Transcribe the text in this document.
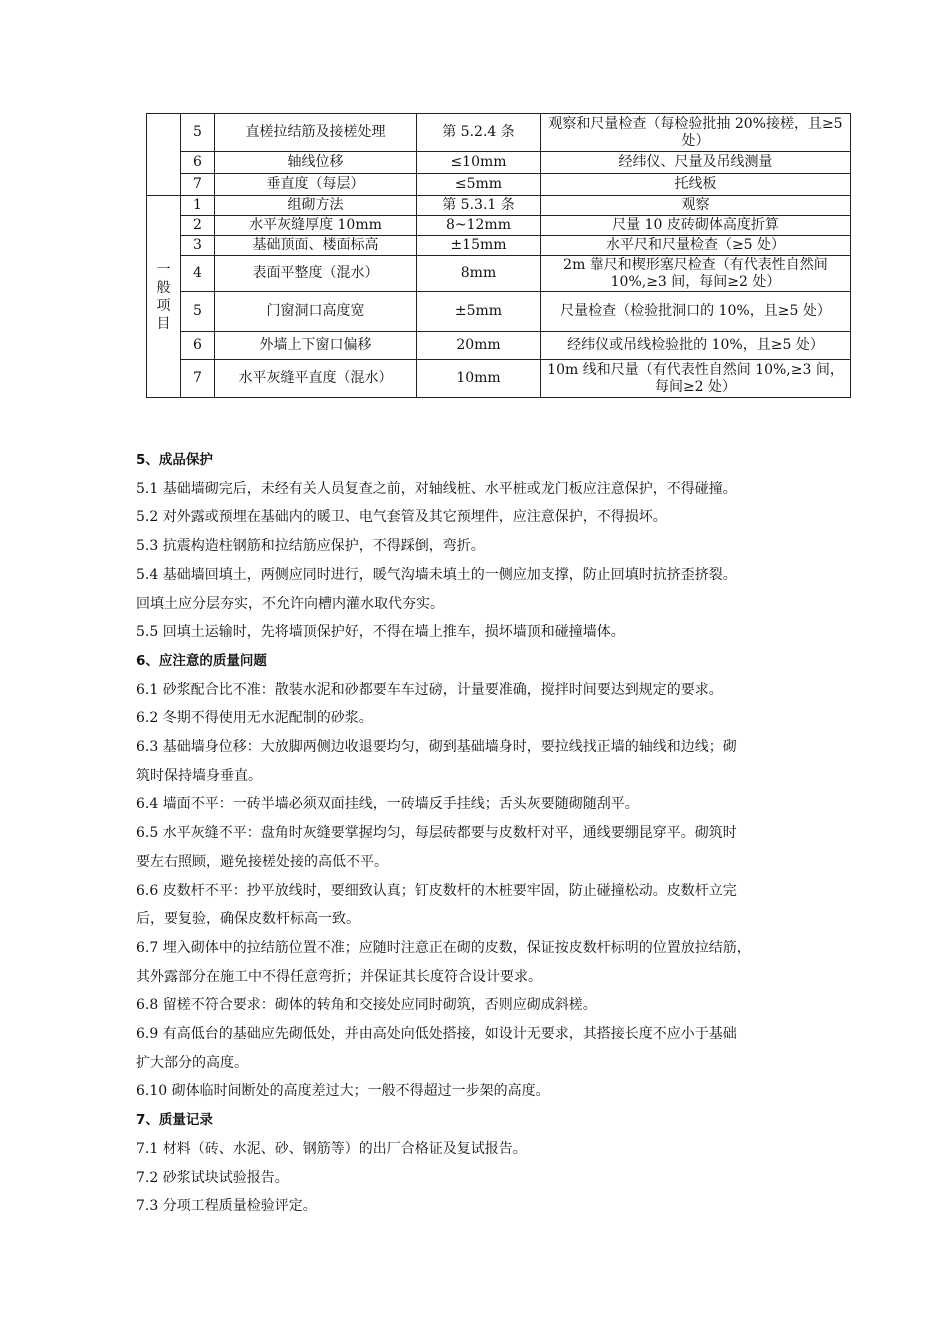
	5	直槎拉结筋及接槎处理	第 5.2.4 条	观察和尺量检查（每检验批抽 20%接槎，且≥5 处）
	6	轴线位移	≤10mm	经纬仪、尺量及吊线测量
	7	垂直度（每层）	≤5mm	托线板
一般项目	1	组砌方法	第 5.3.1 条	观察
	2	水平灰缝厚度 10mm	8~12mm	尺量 10 皮砖砌体高度折算
	3	基础顶面、楼面标高	±15mm	水平尺和尺量检查（≥5 处）
	4	表面平整度（混水）	8mm	2m 靠尺和楔形塞尺检查（有代表性自然间 10%,≥3 间，每间≥2 处）
	5	门窗洞口高度宽	±5mm	尺量检查（检验批洞口的 10%，且≥5 处）
	6	外墙上下窗口偏移	20mm	经纬仪或吊线检验批的 10%，且≥5 处）
	7	水平灰缝平直度（混水）	10mm	10m 线和尺量（有代表性自然间 10%,≥3 间，每间≥2 处）

5、成品保护

5.1 基础墙砌完后，未经有关人员复查之前，对轴线桩、水平桩或龙门板应注意保护，不得碰撞。

5.2 对外露或预埋在基础内的暖卫、电气套管及其它预埋件，应注意保护，不得损坏。

5.3 抗震构造柱钢筋和拉结筋应保护，不得踩倒，弯折。

5.4 基础墙回填土，两侧应同时进行，暖气沟墙未填土的一侧应加支撑，防止回填时抗挤歪挤裂。

回填土应分层夯实，不允许向槽内灌水取代夯实。

5.5 回填土运输时，先将墙顶保护好，不得在墙上推车，损坏墙顶和碰撞墙体。

6、应注意的质量问题

6.1 砂浆配合比不准：散装水泥和砂都要车车过磅，计量要准确，搅拌时间要达到规定的要求。

6.2 冬期不得使用无水泥配制的砂浆。

6.3 基础墙身位移：大放脚两侧边收退要均匀，砌到基础墙身时，要拉线找正墙的轴线和边线；砌

筑时保持墙身垂直。

6.4 墙面不平：一砖半墙必须双面挂线，一砖墙反手挂线；舌头灰要随砌随刮平。

6.5 水平灰缝不平：盘角时灰缝要掌握均匀，每层砖都要与皮数杆对平，通线要绷昆穿平。砌筑时

要左右照顾，避免接槎处接的高低不平。

6.6 皮数杆不平：抄平放线时，要细致认真；钉皮数杆的木桩要牢固，防止碰撞松动。皮数杆立完

后，要复验，确保皮数杆标高一致。

6.7 埋入砌体中的拉结筋位置不准；应随时注意正在砌的皮数，保证按皮数杆标明的位置放拉结筋，

其外露部分在施工中不得任意弯折；并保证其长度符合设计要求。

6.8 留槎不符合要求：砌体的转角和交接处应同时砌筑，否则应砌成斜槎。

6.9 有高低台的基础应先砌低处，并由高处向低处搭接，如设计无要求，其搭接长度不应小于基础

扩大部分的高度。

6.10 砌体临时间断处的高度差过大；一般不得超过一步架的高度。

7、质量记录

7.1 材料（砖、水泥、砂、钢筋等）的出厂合格证及复试报告。

7.2 砂浆试块试验报告。

7.3 分项工程质量检验评定。
